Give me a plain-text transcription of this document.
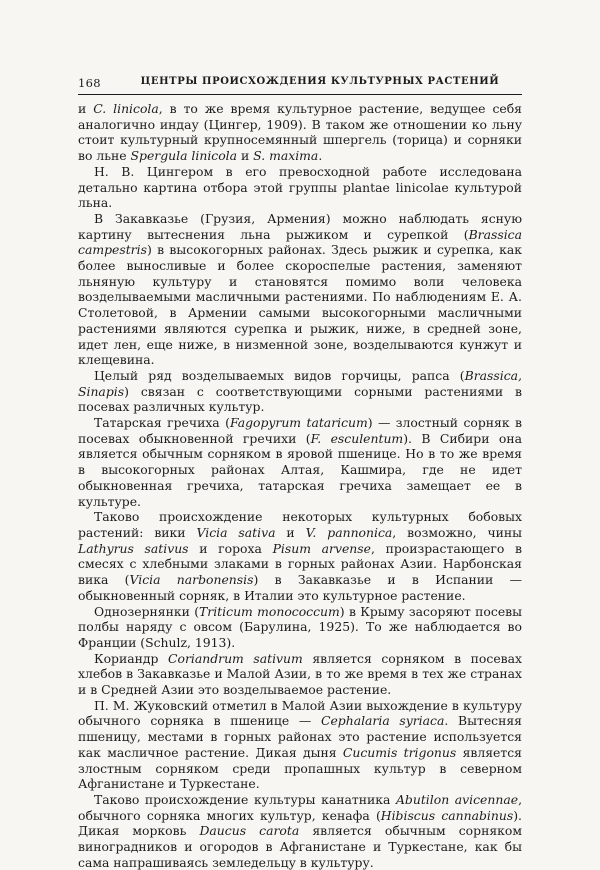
168	ЦЕНТРЫ ПРОИСХОЖДЕНИЯ КУЛЬТУРНЫХ РАСТЕНИЙ

и C. linicola, в то же время культурное растение, ведущее себя аналогично индау (Цингер, 1909). В таком же отношении ко льну стоит культурный крупносемянный шпергель (торица) и сорняки во льне Spergula linicola и S. maxima.

Н. В. Цингером в его превосходной работе исследована детально картина отбора этой группы plantae linicolae культурой льна.

В Закавказье (Грузия, Армения) можно наблюдать ясную картину вытеснения льна рыжиком и сурепкой (Brassica campestris) в высокогорных районах. Здесь рыжик и сурепка, как более выносливые и более скороспелые растения, заменяют льняную культуру и становятся помимо воли человека возделываемыми масличными растениями. По наблюдениям Е. А. Столетовой, в Армении самыми высокогорными масличными растениями являются сурепка и рыжик, ниже, в средней зоне, идет лен, еще ниже, в низменной зоне, возделываются кунжут и клещевина.

Целый ряд возделываемых видов горчицы, рапса (Brassica, Sinapis) связан с соответствующими сорными растениями в посевах различных культур.

Татарская гречиха (Fagopyrum tataricum) — злостный сорняк в посевах обыкновенной гречихи (F. esculentum). В Сибири она является обычным сорняком в яровой пшенице. Но в то же время в высокогорных районах Алтая, Кашмира, где не идет обыкновенная гречиха, татарская гречиха замещает ее в культуре.

Таково происхождение некоторых культурных бобовых растений: вики Vicia sativa и V. pannonica, возможно, чины Lathyrus sativus и гороха Pisum arvense, произрастающего в смесях с хлебными злаками в горных районах Азии. Нарбонская вика (Vicia narbonensis) в Закавказье и в Испании — обыкновенный сорняк, в Италии это культурное растение.

Однозернянки (Triticum monococcum) в Крыму засоряют посевы полбы наряду с овсом (Барулина, 1925). То же наблюдается во Франции (Schulz, 1913).

Кориандр Coriandrum sativum является сорняком в посевах хлебов в Закавказье и Малой Азии, в то же время в тех же странах и в Средней Азии это возделываемое растение.

П. М. Жуковский отметил в Малой Азии выхождение в культуру обычного сорняка в пшенице — Cephalaria syriaca. Вытесняя пшеницу, местами в горных районах это растение используется как масличное растение. Дикая дыня Cucumis trigonus является злостным сорняком среди пропашных культур в северном Афганистане и Туркестане.

Таково происхождение культуры канатника Abutilon avicennae, обычного сорняка многих культур, кенафа (Hibiscus cannabinus). Дикая морковь Daucus carota является обычным сорняком виноградников и огородов в Афганистане и Туркестане, как бы сама напрашиваясь земледельцу в культуру.
